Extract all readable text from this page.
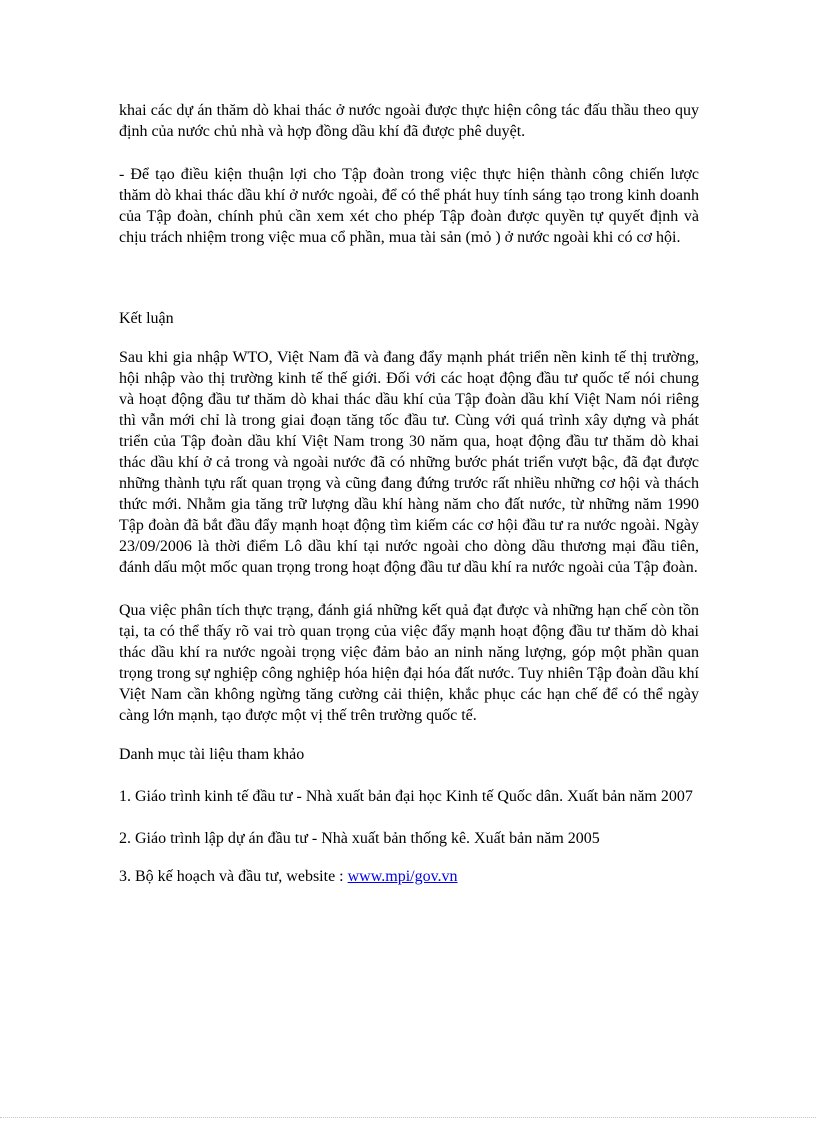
khai các dự án thăm dò khai thác ở nước ngoài được thực hiện công tác đấu thầu theo quy định của nước chủ nhà và hợp đồng dầu khí đã được phê duyệt.

- Để tạo điều kiện thuận lợi cho Tập đoàn trong việc thực hiện thành công chiến lược thăm dò khai thác dầu khí ở nước ngoài, để có thể phát huy tính sáng tạo trong kinh doanh của Tập đoàn, chính phủ cần xem xét cho phép Tập đoàn được quyền tự quyết định và chịu trách nhiệm trong việc mua cổ phần, mua tài sản (mỏ ) ở nước ngoài khi có cơ hội.

Kết luận

Sau khi gia nhập WTO, Việt Nam đã và đang đẩy mạnh phát triển nền kinh tế thị trường, hội nhập vào thị trường kinh tế thế giới. Đối với các hoạt động đầu tư quốc tế nói chung và hoạt động đầu tư thăm dò khai thác dầu khí của Tập đoàn dầu khí Việt Nam nói riêng thì vẫn mới chỉ là trong giai đoạn tăng tốc đầu tư. Cùng với quá trình xây dựng và phát triển của Tập đoàn dầu khí Việt Nam trong 30 năm qua, hoạt động đầu tư thăm dò khai thác dầu khí ở cả trong và ngoài nước đã có những bước phát triển vượt bậc, đã đạt được những thành tựu rất quan trọng và cũng đang đứng trước rất nhiều những cơ hội và thách thức mới. Nhằm gia tăng trữ lượng dầu khí hàng năm cho đất nước, từ những năm 1990 Tập đoàn đã bắt đầu đẩy mạnh hoạt động tìm kiếm các cơ hội đầu tư ra nước ngoài. Ngày 23/09/2006 là thời điểm Lô dầu khí tại nước ngoài cho dòng dầu thương mại đầu tiên, đánh dấu một mốc quan trọng trong hoạt động đầu tư dầu khí ra nước ngoài của Tập đoàn.

Qua việc phân tích thực trạng, đánh giá những kết quả đạt được và những hạn chế còn tồn tại, ta có thể thấy rõ vai trò quan trọng của việc đẩy mạnh hoạt động đầu tư thăm dò khai thác dầu khí ra nước ngoài trọng việc đảm bảo an ninh năng lượng, góp một phần quan trọng trong sự nghiệp công nghiệp hóa hiện đại hóa đất nước. Tuy nhiên Tập đoàn dầu khí Việt Nam cần không ngừng tăng cường cải thiện, khắc phục các hạn chế để có thể ngày càng lớn mạnh, tạo được một vị thế trên trường quốc tế.

Danh mục tài liệu tham khảo

1. Giáo trình kinh tế đầu tư - Nhà xuất bản đại học Kinh tế Quốc dân. Xuất bản năm 2007

2. Giáo trình lập dự án đầu tư - Nhà xuất bản thống kê. Xuất bản năm 2005

3. Bộ kế hoạch và đầu tư, website : www.mpi/gov.vn
